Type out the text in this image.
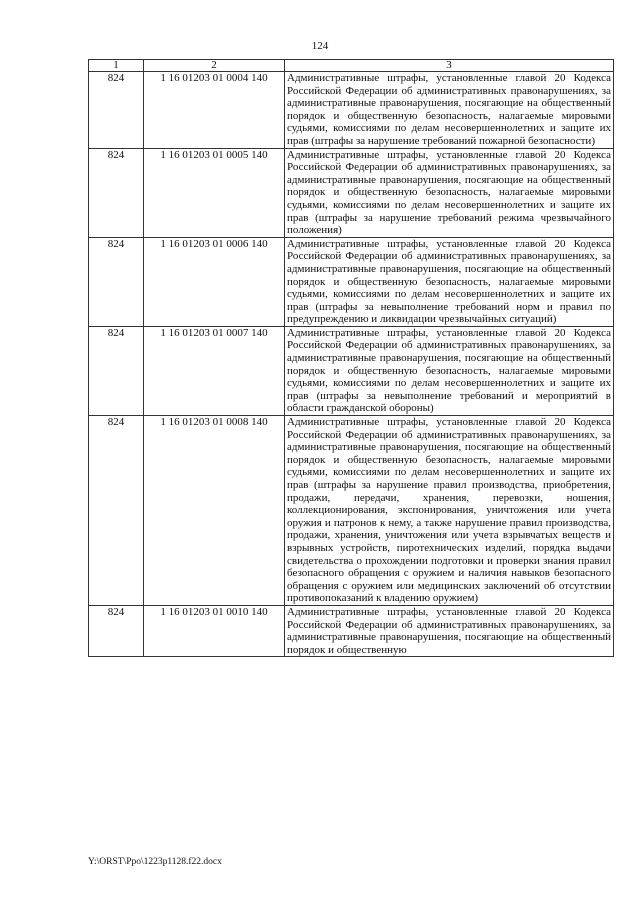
124
1	2	3
824	1 16 01203 01 0004 140	Административные штрафы, установленные главой 20 Кодекса Российской Федерации об административных правонарушениях, за административные правонарушения, посягающие на общественный порядок и общественную безопасность, налагаемые мировыми судьями, комиссиями по делам несовершеннолетних и защите их прав (штрафы за нарушение требований пожарной безопасности)
824	1 16 01203 01 0005 140	Административные штрафы, установленные главой 20 Кодекса Российской Федерации об административных правонарушениях, за административные правонарушения, посягающие на общественный порядок и общественную безопасность, налагаемые мировыми судьями, комиссиями по делам несовершеннолетних и защите их прав (штрафы за нарушение требований режима чрезвычайного положения)
824	1 16 01203 01 0006 140	Административные штрафы, установленные главой 20 Кодекса Российской Федерации об административных правонарушениях, за административные правонарушения, посягающие на общественный порядок и общественную безопасность, налагаемые мировыми судьями, комиссиями по делам несовершеннолетних и защите их прав (штрафы за невыполнение требований норм и правил по предупреждению и ликвидации чрезвычайных ситуаций)
824	1 16 01203 01 0007 140	Административные штрафы, установленные главой 20 Кодекса Российской Федерации об административных правонарушениях, за административные правонарушения, посягающие на общественный порядок и общественную безопасность, налагаемые мировыми судьями, комиссиями по делам несовершеннолетних и защите их прав (штрафы за невыполнение требований и мероприятий в области гражданской обороны)
824	1 16 01203 01 0008 140	Административные штрафы, установленные главой 20 Кодекса Российской Федерации об административных правонарушениях, за административные правонарушения, посягающие на общественный порядок и общественную безопасность, налагаемые мировыми судьями, комиссиями по делам несовершеннолетних и защите их прав (штрафы за нарушение правил производства, приобретения, продажи, передачи, хранения, перевозки, ношения, коллекционирования, экспонирования, уничтожения или учета оружия и патронов к нему, а также нарушение правил производства, продажи, хранения, уничтожения или учета взрывчатых веществ и взрывных устройств, пиротехнических изделий, порядка выдачи свидетельства о прохождении подготовки и проверки знания правил безопасного обращения с оружием и наличия навыков безопасного обращения с оружием или медицинских заключений об отсутствии противопоказаний к владению оружием)
824	1 16 01203 01 0010 140	Административные штрафы, установленные главой 20 Кодекса Российской Федерации об административных правонарушениях, за административные правонарушения, посягающие на общественный порядок и общественную
Y:\ORST\Ppo\1223p1128.f22.docx
